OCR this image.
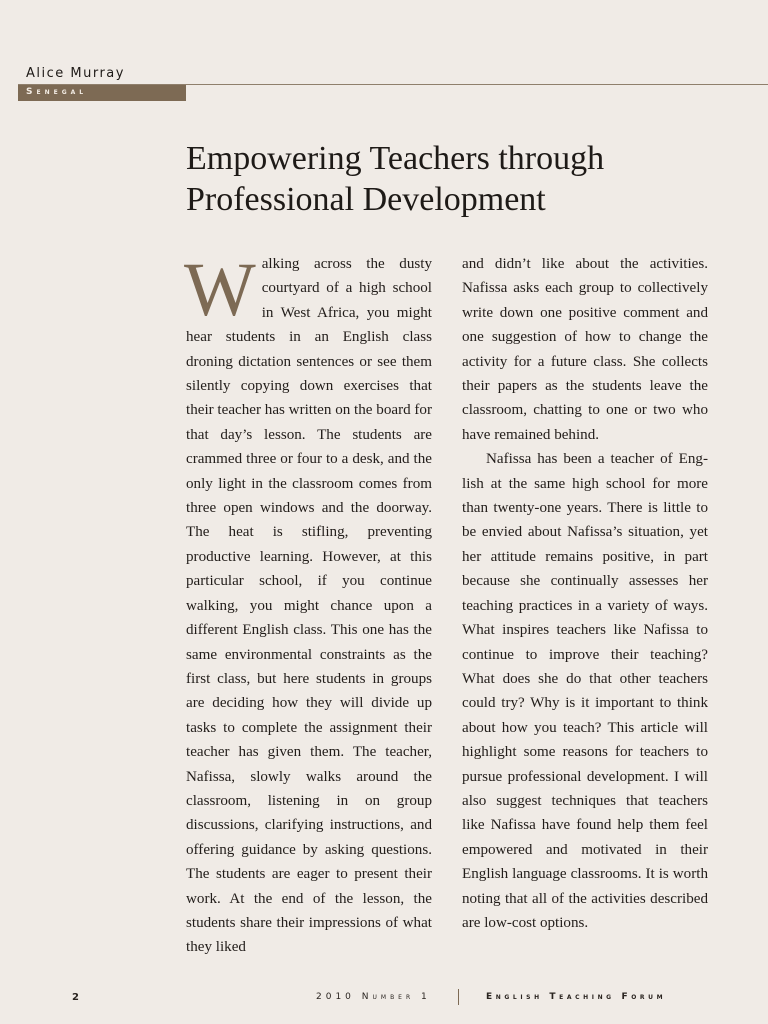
Alice Murray
Senegal
Empowering Teachers through Professional Development

Walking across the dusty courtyard of a high school in West Africa, you might hear students in an English class droning dictation sentences or see them silently copying down exercises that their teacher has written on the board for that day’s lesson. The students are crammed three or four to a desk, and the only light in the classroom comes from three open windows and the doorway. The heat is stifling, preventing productive learning. However, at this particular school, if you continue walking, you might chance upon a different English class. This one has the same environmental constraints as the first class, but here students in groups are deciding how they will divide up tasks to complete the assignment their teacher has given them. The teacher, Nafissa, slowly walks around the classroom, listening in on group discussions, clarifying instructions, and offering guidance by asking questions. The students are eager to present their work. At the end of the lesson, the students share their impressions of what they liked

and didn’t like about the activities. Nafissa asks each group to collectively write down one positive comment and one suggestion of how to change the activity for a future class. She collects their papers as the students leave the classroom, chatting to one or two who have remained behind.

Nafissa has been a teacher of English at the same high school for more than twenty-one years. There is little to be envied about Nafissa’s situation, yet her attitude remains positive, in part because she continually assesses her teaching practices in a variety of ways. What inspires teachers like Nafissa to continue to improve their teaching? What does she do that other teachers could try? Why is it important to think about how you teach? This article will highlight some reasons for teachers to pursue professional development. I will also suggest techniques that teachers like Nafissa have found help them feel empowered and motivated in their English language classrooms. It is worth noting that all of the activities described are low-cost options.

2	2010 Number 1	English Teaching Forum
